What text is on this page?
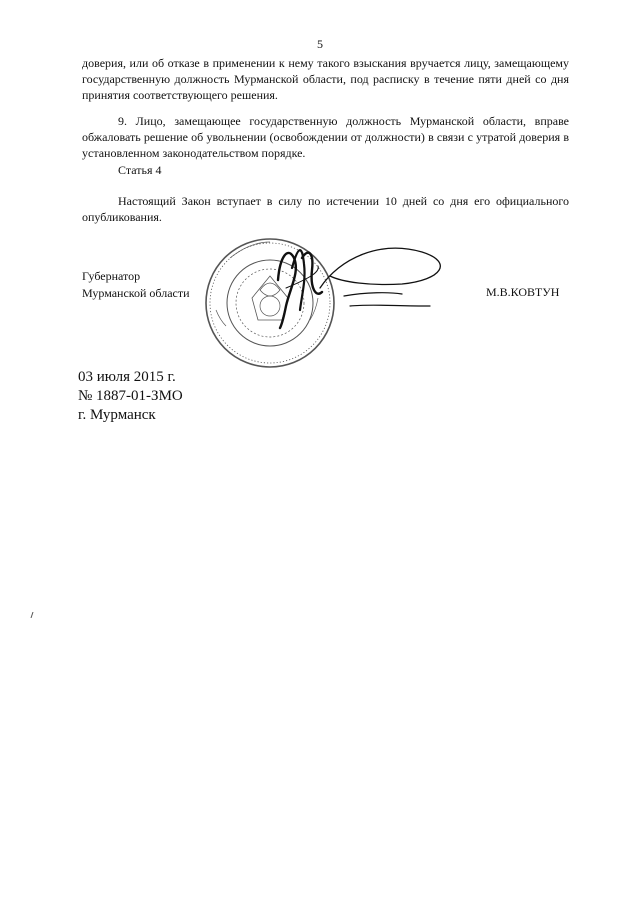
5

доверия, или об отказе в применении к нему такого взыскания вручается лицу, замещающему государственную должность Мурманской области, под расписку в течение пяти дней со дня принятия соответствующего решения.

9. Лицо, замещающее государственную должность Мурманской области, вправе обжаловать решение об увольнении (освобождении от должности) в связи с утратой доверия в установленном законодательством порядке.

Статья 4

Настоящий Закон вступает в силу по истечении 10 дней со дня его официального опубликования.

Губернатор
Мурманской области	М.В.КОВТУН
03 июля 2015 г.
№ 1887-01-ЗМО
г. Мурманск
